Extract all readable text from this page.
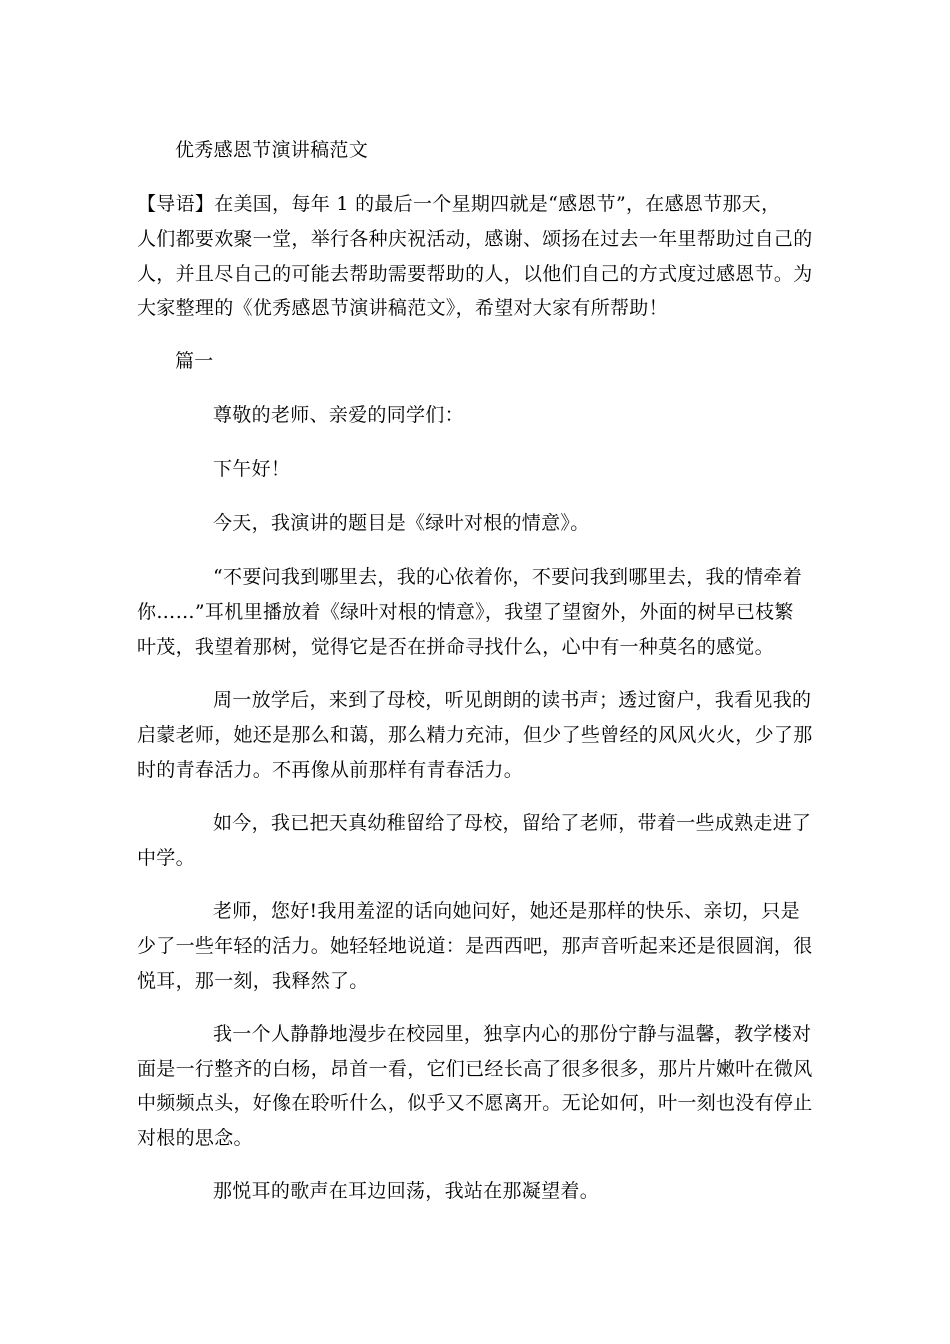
优秀感恩节演讲稿范文
【导语】在美国，每年 1 的最后一个星期四就是“感恩节”，在感恩节那天，
人们都要欢聚一堂，举行各种庆祝活动，感谢、颂扬在过去一年里帮助过自己的
人，并且尽自己的可能去帮助需要帮助的人，以他们自己的方式度过感恩节。为
大家整理的《优秀感恩节演讲稿范文》，希望对大家有所帮助！
篇一
尊敬的老师、亲爱的同学们：
下午好！
今天，我演讲的题目是《绿叶对根的情意》。
“不要问我到哪里去，我的心依着你，不要问我到哪里去，我的情牵着
你……”耳机里播放着《绿叶对根的情意》，我望了望窗外，外面的树早已枝繁
叶茂，我望着那树，觉得它是否在拼命寻找什么，心中有一种莫名的感觉。
周一放学后，来到了母校，听见朗朗的读书声；透过窗户，我看见我的
启蒙老师，她还是那么和蔼，那么精力充沛，但少了些曾经的风风火火，少了那
时的青春活力。不再像从前那样有青春活力。
如今，我已把天真幼稚留给了母校，留给了老师，带着一些成熟走进了
中学。
老师，您好!我用羞涩的话向她问好，她还是那样的快乐、亲切，只是
少了一些年轻的活力。她轻轻地说道：是西西吧，那声音听起来还是很圆润，很
悦耳，那一刻，我释然了。
我一个人静静地漫步在校园里，独享内心的那份宁静与温馨，教学楼对
面是一行整齐的白杨，昂首一看，它们已经长高了很多很多，那片片嫩叶在微风
中频频点头，好像在聆听什么，似乎又不愿离开。无论如何，叶一刻也没有停止
对根的思念。
那悦耳的歌声在耳边回荡，我站在那凝望着。
